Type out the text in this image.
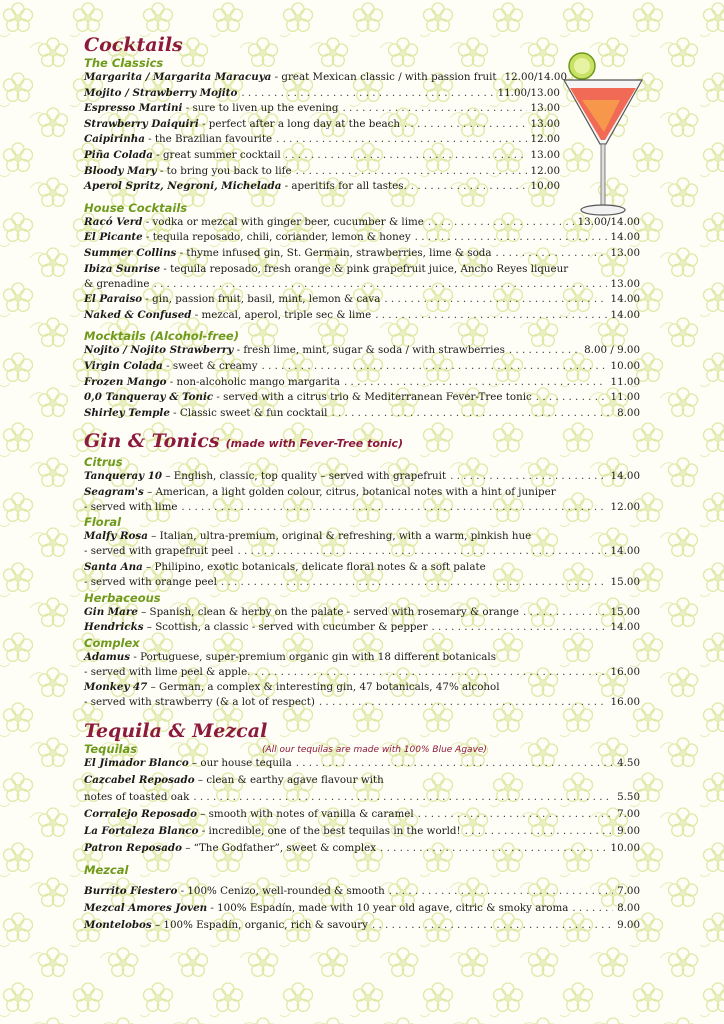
Cocktails
The Classics
Margarita / Margarita Maracuya - great Mexican classic / with passion fruit 12.00/14.00
Mojito / Strawberry Mojito . . .	11.00/13.00
Espresso Martini - sure to liven up the evening . . .	13.00
Strawberry Daiquiri - perfect after a long day at the beach . . .	13.00
Caipirinha - the Brazilian favourite . . .	12.00
Piña Colada - great summer cocktail . . .	13.00
Bloody Mary - to bring you back to life . . .	12.00
Aperol Spritz, Negroni, Michelada - aperitifs for all tastes. . . .	10.00
House Cocktails
Racó Verd - vodka or mezcal with ginger beer, cucumber & lime . . .	13.00/14.00
El Picante - tequila reposado, chili, coriander, lemon & honey . . .	14.00
Summer Collins - thyme infused gin, St. Germain, strawberries, lime & soda . . .	13.00
Ibiza Sunrise - tequila reposado, fresh orange & pink grapefruit juice, Ancho Reyes liqueur
& grenadine . . .	13.00
El Paraiso - gin, passion fruit, basil, mint, lemon & cava . . .	14.00
Naked & Confused - mezcal, aperol, triple sec & lime . . .	14.00
Mocktails (Alcohol-free)
Nojito / Nojito Strawberry - fresh lime, mint, sugar & soda / with strawberries . . .	8.00 / 9.00
Virgin Colada - sweet & creamy . . .	10.00
Frozen Mango - non-alcoholic mango margarita . . .	11.00
0,0 Tanqueray & Tonic - served with a citrus trio & Mediterranean Fever-Tree tonic . . .	11.00
Shirley Temple - Classic sweet & fun cocktail . . .	8.00
Gin & Tonics (made with Fever-Tree tonic)
Citrus
Tanqueray 10 – English, classic, top quality – served with grapefruit . . .	14.00
Seagram's – American, a light golden colour, citrus, botanical notes with a hint of juniper
- served with lime . . .	12.00
Floral
Malfy Rosa – Italian, ultra-premium, original & refreshing, with a warm, pinkish hue
- served with grapefruit peel . . .	14.00
Santa Ana – Philipino, exotic botanicals, delicate floral notes & a soft palate
- served with orange peel . . .	15.00
Herbaceous
Gin Mare – Spanish, clean & herby on the palate - served with rosemary & orange . . .	15.00
Hendricks – Scottish, a classic - served with cucumber & pepper . . .	14.00
Complex
Adamus - Portuguese, super-premium organic gin with 18 different botanicals
- served with lime peel & apple. . . .	16.00
Monkey 47 – German, a complex & interesting gin, 47 botanicals, 47% alcohol
- served with strawberry (& a lot of respect) . . .	16.00
Tequila & Mezcal
Tequilas	(All our tequilas are made with 100% Blue Agave)
El Jimador Blanco – our house tequila . . .	4.50
Cazcabel Reposado – clean & earthy agave flavour with
notes of toasted oak . . .	5.50
Corralejo Reposado – smooth with notes of vanilla & caramel . . .	7.00
La Fortaleza Blanco - incredible, one of the best tequilas in the world! . . .	9.00
Patron Reposado – “The Godfather”, sweet & complex . . .	10.00
Mezcal
Burrito Fiestero - 100% Cenizo, well-rounded & smooth . . .	7.00
Mezcal Amores Joven - 100% Espadín, made with 10 year old agave, citric & smoky aroma . . .	8.00
Montelobos – 100% Espadín, organic, rich & savoury . . .	9.00
